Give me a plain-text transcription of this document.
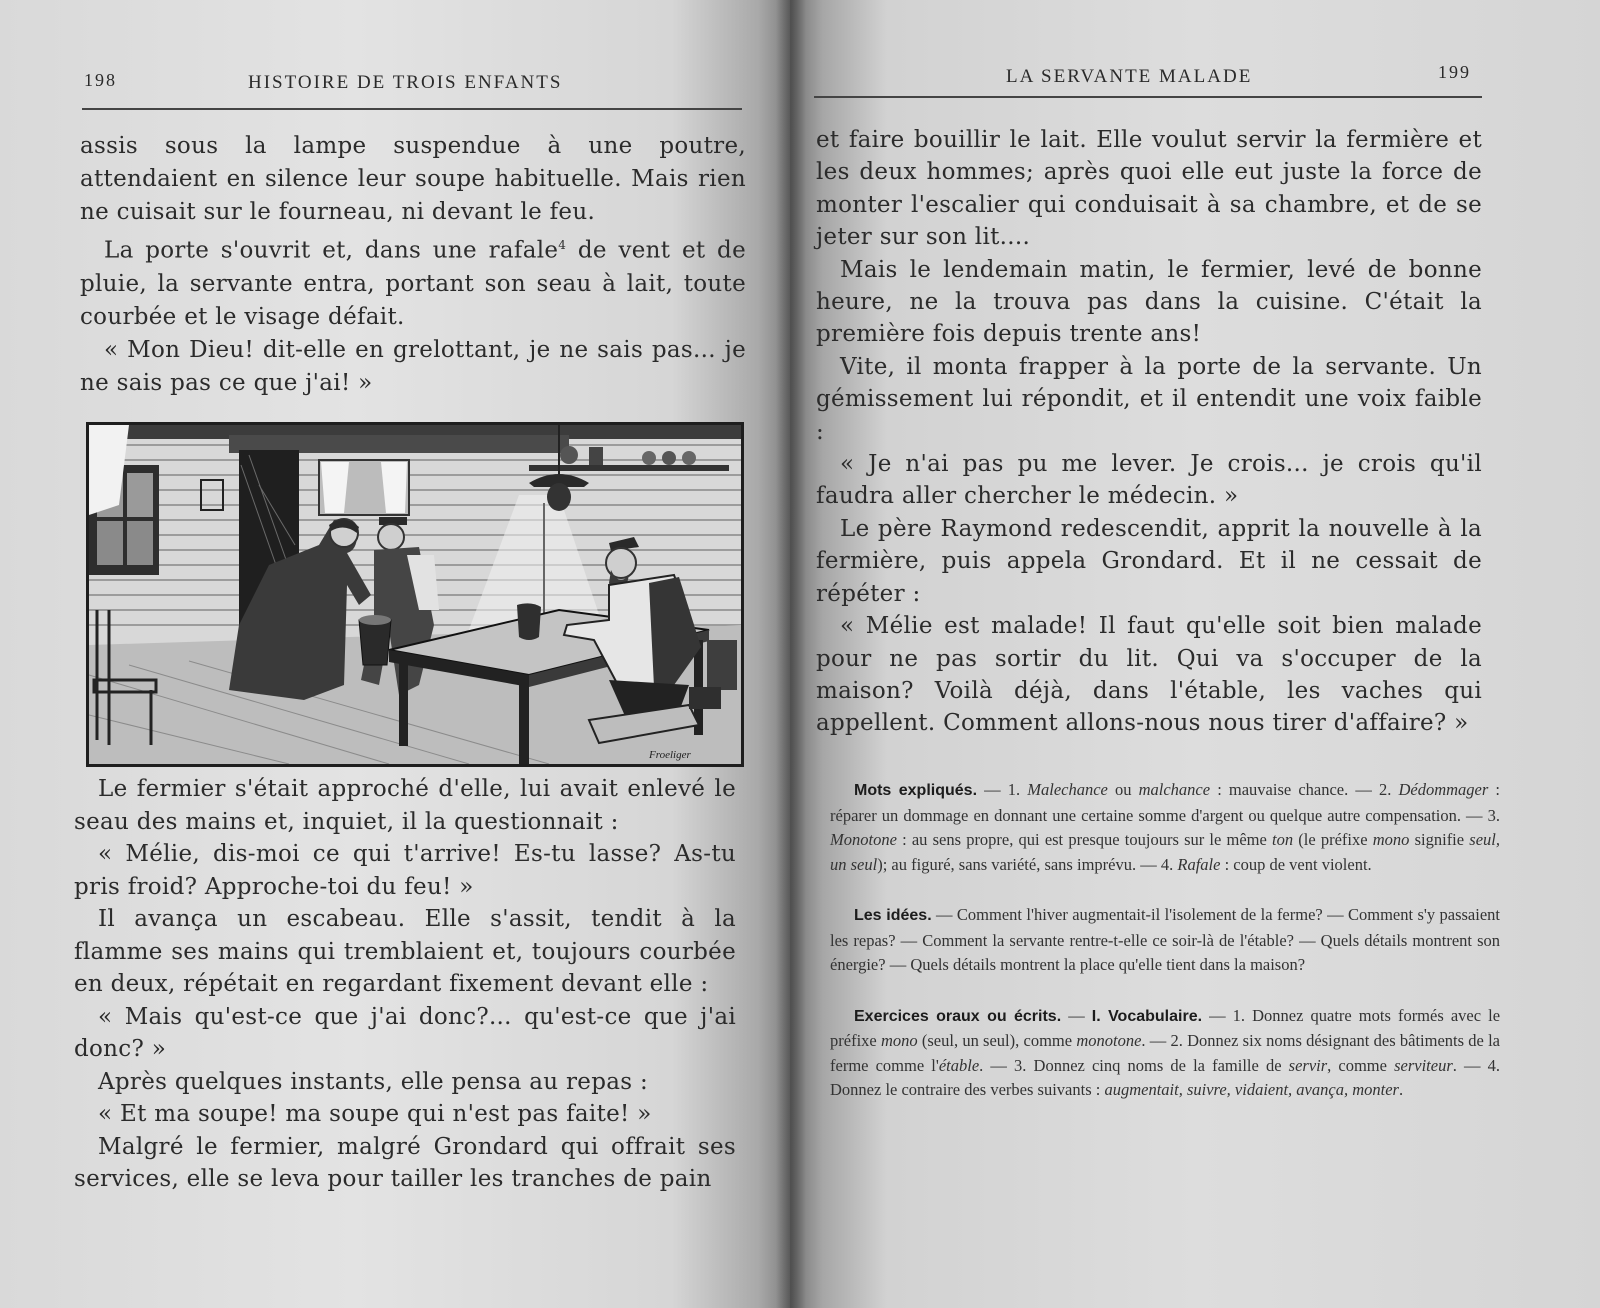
198	HISTOIRE DE TROIS ENFANTS

assis sous la lampe suspendue à une poutre, attendaient en silence leur soupe habituelle. Mais rien ne cuisait sur le fourneau, ni devant le feu.

La porte s'ouvrit et, dans une rafale$^4$ de vent et de pluie, la servante entra, portant son seau à lait, toute courbée et le visage défait.

« Mon Dieu! dit-elle en grelottant, je ne sais pas... je ne sais pas ce que j'ai! »

Froeliger

Le fermier s'était approché d'elle, lui avait enlevé le seau des mains et, inquiet, il la questionnait :

« Mélie, dis-moi ce qui t'arrive! Es-tu lasse? As-tu pris froid? Approche-toi du feu! »

Il avança un escabeau. Elle s'assit, tendit à la flamme ses mains qui tremblaient et, toujours courbée en deux, répétait en regardant fixement devant elle :

« Mais qu'est-ce que j'ai donc?... qu'est-ce que j'ai donc? »

Après quelques instants, elle pensa au repas :

« Et ma soupe! ma soupe qui n'est pas faite! »

Malgré le fermier, malgré Grondard qui offrait ses services, elle se leva pour tailler les tranches de pain

LA SERVANTE MALADE	199

et faire bouillir le lait. Elle voulut servir la fermière et les deux hommes; après quoi elle eut juste la force de monter l'escalier qui conduisait à sa chambre, et de se jeter sur son lit....

Mais le lendemain matin, le fermier, levé de bonne heure, ne la trouva pas dans la cuisine. C'était la première fois depuis trente ans!

Vite, il monta frapper à la porte de la servante. Un gémissement lui répondit, et il entendit une voix faible :

« Je n'ai pas pu me lever. Je crois... je crois qu'il faudra aller chercher le médecin. »

Le père Raymond redescendit, apprit la nouvelle à la fermière, puis appela Grondard. Et il ne cessait de répéter :

« Mélie est malade! Il faut qu'elle soit bien malade pour ne pas sortir du lit. Qui va s'occuper de la maison? Voilà déjà, dans l'étable, les vaches qui appellent. Comment allons-nous nous tirer d'affaire? »

Mots expliqués. — 1. Malechance ou malchance : mauvaise chance. — 2. Dédommager : réparer un dommage en donnant une certaine somme d'argent ou quelque autre compensation. — 3. Monotone : au sens propre, qui est presque toujours sur le même ton (le préfixe mono signifie seul, un seul); au figuré, sans variété, sans imprévu. — 4. Rafale : coup de vent violent.

Les idées. — Comment l'hiver augmentait-il l'isolement de la ferme? — Comment s'y passaient les repas? — Comment la servante rentre-t-elle ce soir-là de l'étable? — Quels détails montrent son énergie? — Quels détails montrent la place qu'elle tient dans la maison?

Exercices oraux ou écrits. — I. Vocabulaire. — 1. Donnez quatre mots formés avec le préfixe mono (seul, un seul), comme monotone. — 2. Donnez six noms désignant des bâtiments de la ferme comme l'étable. — 3. Donnez cinq noms de la famille de servir, comme serviteur. — 4. Donnez le contraire des verbes suivants : augmentait, suivre, vidaient, avança, monter.
